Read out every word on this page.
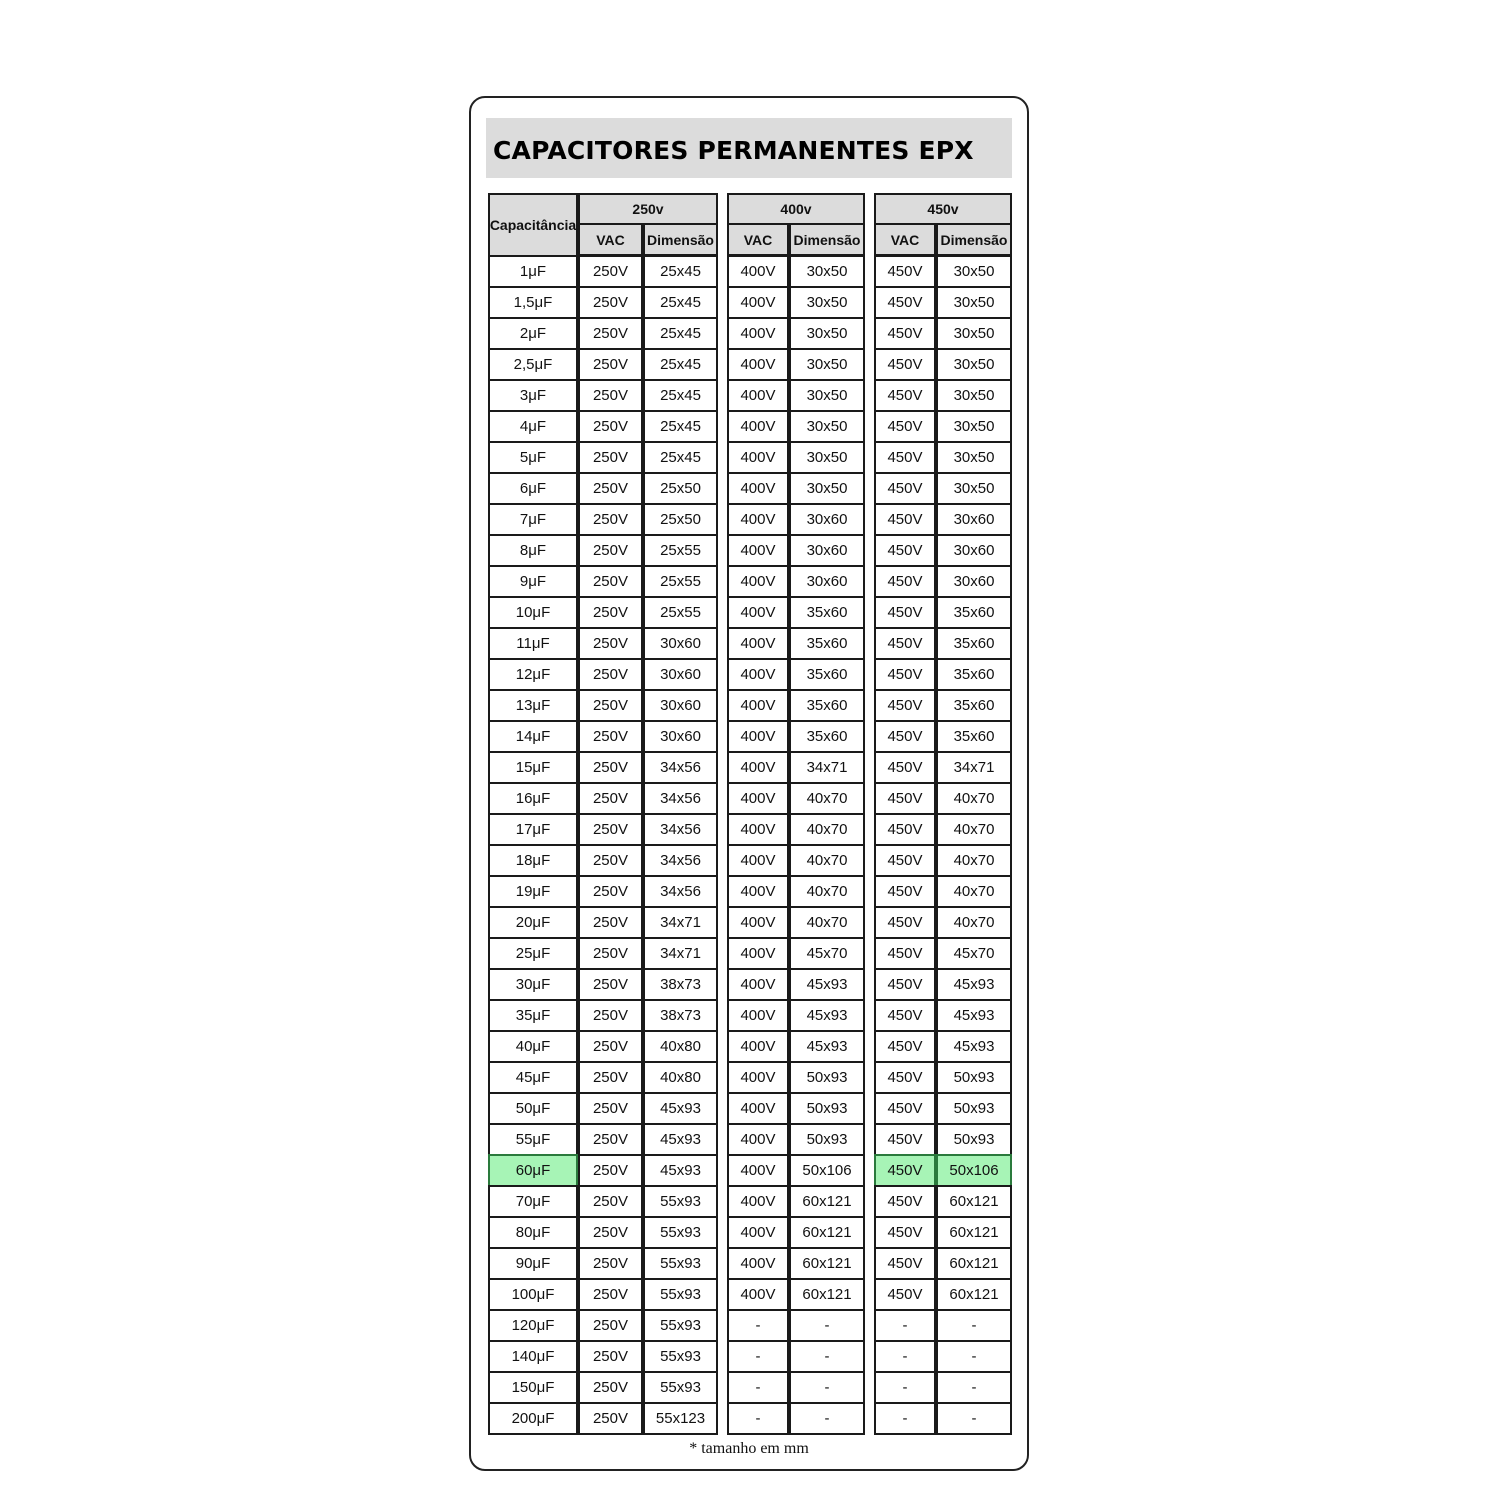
CAPACITORES PERMANENTES EPX
Capacitância
250v
VAC	Dimensão
400v
VAC	Dimensão
450v
VAC	Dimensão
1μF	250V	25x45	400V	30x50	450V	30x50
1,5μF	250V	25x45	400V	30x50	450V	30x50
2μF	250V	25x45	400V	30x50	450V	30x50
2,5μF	250V	25x45	400V	30x50	450V	30x50
3μF	250V	25x45	400V	30x50	450V	30x50
4μF	250V	25x45	400V	30x50	450V	30x50
5μF	250V	25x45	400V	30x50	450V	30x50
6μF	250V	25x50	400V	30x50	450V	30x50
7μF	250V	25x50	400V	30x60	450V	30x60
8μF	250V	25x55	400V	30x60	450V	30x60
9μF	250V	25x55	400V	30x60	450V	30x60
10μF	250V	25x55	400V	35x60	450V	35x60
11μF	250V	30x60	400V	35x60	450V	35x60
12μF	250V	30x60	400V	35x60	450V	35x60
13μF	250V	30x60	400V	35x60	450V	35x60
14μF	250V	30x60	400V	35x60	450V	35x60
15μF	250V	34x56	400V	34x71	450V	34x71
16μF	250V	34x56	400V	40x70	450V	40x70
17μF	250V	34x56	400V	40x70	450V	40x70
18μF	250V	34x56	400V	40x70	450V	40x70
19μF	250V	34x56	400V	40x70	450V	40x70
20μF	250V	34x71	400V	40x70	450V	40x70
25μF	250V	34x71	400V	45x70	450V	45x70
30μF	250V	38x73	400V	45x93	450V	45x93
35μF	250V	38x73	400V	45x93	450V	45x93
40μF	250V	40x80	400V	45x93	450V	45x93
45μF	250V	40x80	400V	50x93	450V	50x93
50μF	250V	45x93	400V	50x93	450V	50x93
55μF	250V	45x93	400V	50x93	450V	50x93
60μF	250V	45x93	400V	50x106	450V	50x106
70μF	250V	55x93	400V	60x121	450V	60x121
80μF	250V	55x93	400V	60x121	450V	60x121
90μF	250V	55x93	400V	60x121	450V	60x121
100μF	250V	55x93	400V	60x121	450V	60x121
120μF	250V	55x93	-	-	-	-
140μF	250V	55x93	-	-	-	-
150μF	250V	55x93	-	-	-	-
200μF	250V	55x123	-	-	-	-
* tamanho em mm
